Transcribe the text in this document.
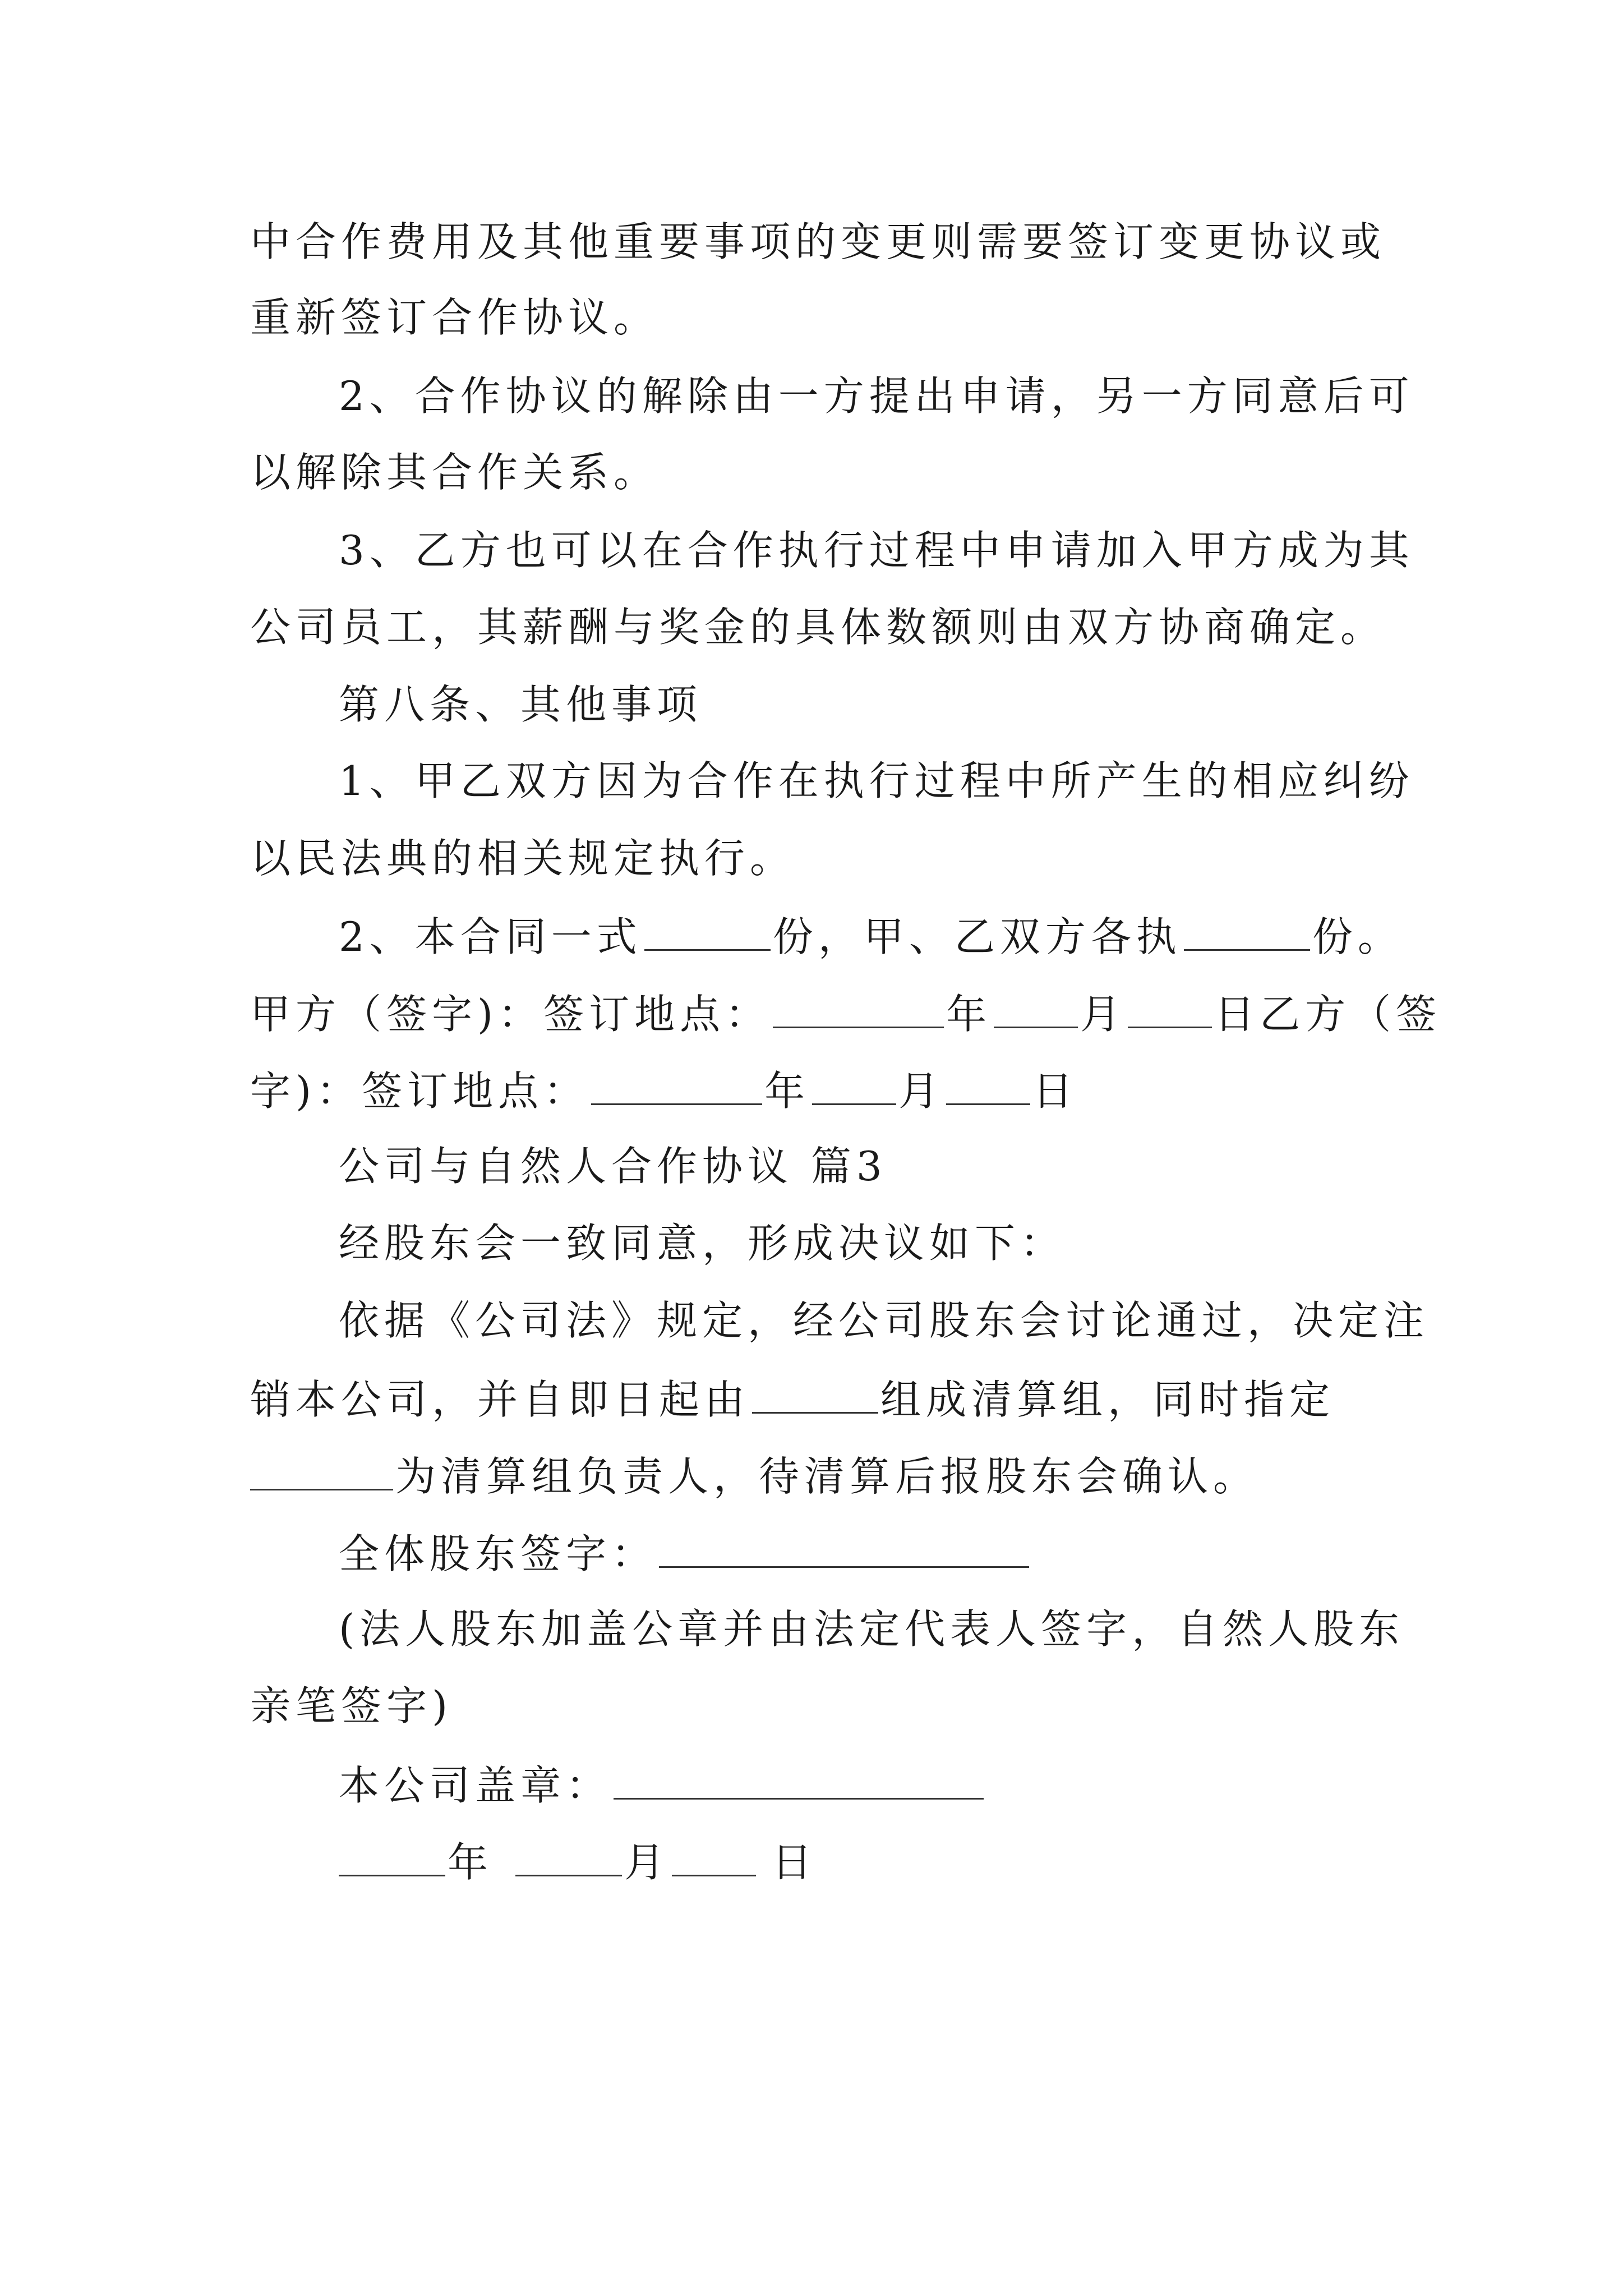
中合作费用及其他重要事项的变更则需要签订变更协议或
重新签订合作协议。
2、合作协议的解除由一方提出申请，另一方同意后可
以解除其合作关系。
3、乙方也可以在合作执行过程中申请加入甲方成为其
公司员工，其薪酬与奖金的具体数额则由双方协商确定。
第八条、其他事项
1、甲乙双方因为合作在执行过程中所产生的相应纠纷
以民法典的相关规定执行。
2、本合同一式	份，甲、乙双方各执	份。
甲方（签字)：签订地点：	年 月 日乙方（签
字)：签订地点：	年 月 日
公司与自然人合作协议 篇3
经股东会一致同意，形成决议如下：
依据《公司法》规定，经公司股东会讨论通过，决定注
销本公司，并自即日起由	组成清算组，同时指定
为清算组负责人，待清算后报股东会确认。
全体股东签字：
(法人股东加盖公章并由法定代表人签字，自然人股东
亲笔签字)
本公司盖章：
年	月	日
